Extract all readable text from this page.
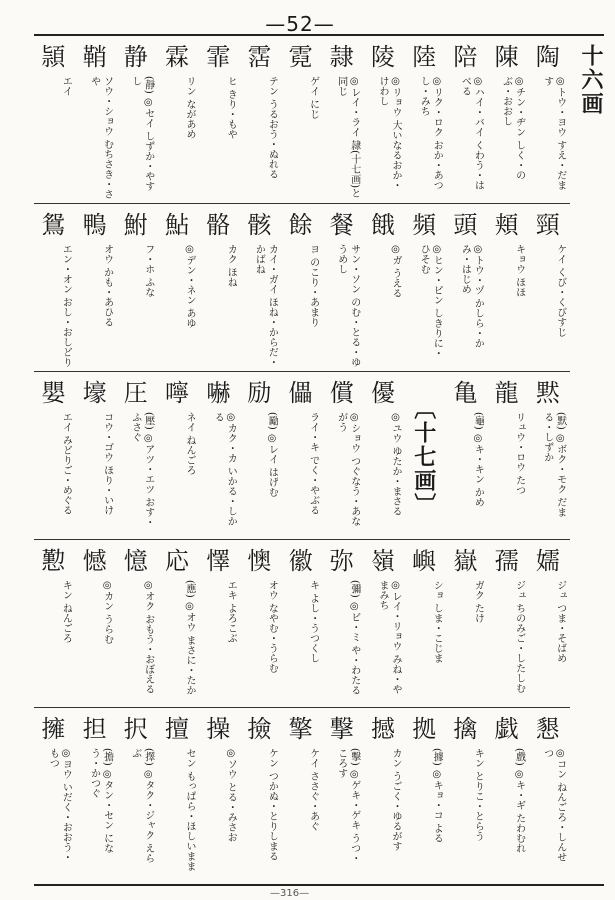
—52—
十六画
陶
◎トウ・ヨウ すえ・だます
陳
◎チン・ヂン しく・のぶ・おおし
陪
◎ハイ・バイ くわう・はべる
陸
◎リク・ロク おか・あつし・みち
陵
◎リョウ 大いなるおか・けわし
隷
◎レイ・ライ 隷(十七画)と同じ
霓
ゲイ にじ
霑
テン うるおう・ぬれる
霏
ヒ きり・もや
霖
リン ながあめ
静
(靜) ◎セイ しずか・やすし
鞘
ソウ・ショウ むちさき・さや
頴
エイ
頸
ケイ くび・くびすじ
頬
キョウ ほほ
頭
◎トウ・ヅ かしら・かみ・はじめ
頻
◎ヒン・ビン しきりに・ひそむ
餓
◎ガ うえる
餐
サン・ソン のむ・とる・ゆうめし
餘
ヨ のこり・あまり
骸
カイ・ガイ ほね・からだ・かばね
骼
カク ほね
鮎
◎デン・ネン あゆ
鮒
フ・ホ ふな
鴨
オウ かも・あひる
鴛
エン・オン おし・おしどり
黙
(默) ◎ボク・モク だまる・しずか
龍
リュウ・ロウ たつ
亀
(龜) ◎キ・キン かめ
〔十七画〕
優
◎ユウ ゆたか・まさる
償
◎ショウ つぐなう・あながう
儡
ライ・キ でく・やぶる
励
(勵) ◎レイ はげむ
嚇
◎カク・カ いかる・しかる
嚀
ネイ ねんごろ
圧
(壓) ◎アツ・エツ おす・ふさぐ
壕
コウ・ゴウ ほり・いけ
嬰
エイ みどりご・めぐる
嬬
ジュ つま・そばめ
孺
ジュ ちのみご・したしむ
嶽
ガク たけ
嶼
ショ しま・こじま
嶺
◎レイ・リョウ みね・やまみち
弥
(彌) ◎ビ・ミ や・わたる
徽
キ よし・うつくし
懊
オウ なやむ・うらむ
懌
エキ よろこぶ
応
(應) ◎オウ まさに・たか
憶
◎オク おもう・おぼえる
憾
◎カン うらむ
懃
キン ねんごろ
懇
◎コン ねんごろ・しんせつ
戯
(戲) ◎キ・ギ たわむれ
擒
キン とりこ・とらう
拠
(據) ◎キョ・コ よる
撼
カン うごく・ゆるがす
撃
(擊) ◎ゲキ・ゲキ うつ・ころす
擎
ケイ ささぐ・あぐ
撿
ケン つかぬ・とりしまる
操
◎ソウ とる・みさお
擅
セン もっぱら・ほしいまま
択
(擇) ◎タク・ジャク えらぶ
担
(擔) ◎タン・セン になう・かつぐ
擁
◎ヨウ いだく・おおう・もつ
—316—
